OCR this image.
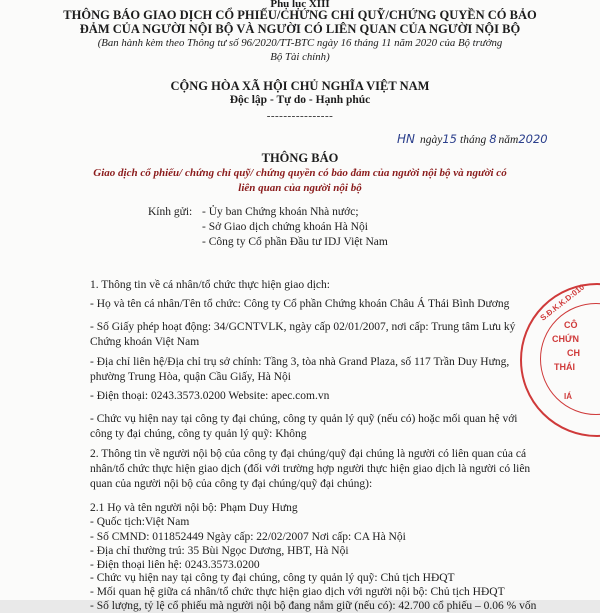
Phụ lục XIII
THÔNG BÁO GIAO DỊCH CỔ PHIẾU/CHỨNG CHỈ QUỸ/CHỨNG QUYỀN CÓ BẢO
ĐẢM CỦA NGƯỜI NỘI BỘ VÀ NGƯỜI CÓ LIÊN QUAN CỦA NGƯỜI NỘI BỘ
(Ban hành kèm theo Thông tư số 96/2020/TT-BTC ngày 16 tháng 11 năm 2020 của Bộ trưởng
Bộ Tài chính)
CỘNG HÒA XÃ HỘI CHỦ NGHĨA VIỆT NAM
Độc lập - Tự do - Hạnh phúc
----------------
HN ngày15 tháng 8 năm2020
THÔNG BÁO
Giao dịch cổ phiếu/ chứng chỉ quỹ/ chứng quyền có bảo đảm của người nội bộ và người có
liên quan của người nội bộ
Kính gửi: - Ủy ban Chứng khoán Nhà nước;
- Sở Giao dịch chứng khoán Hà Nội
- Công ty Cổ phần Đầu tư IDJ Việt Nam
1. Thông tin về cá nhân/tổ chức thực hiện giao dịch:
- Họ và tên cá nhân/Tên tổ chức: Công ty Cổ phần Chứng khoán Châu Á Thái Bình Dương
- Số Giấy phép hoạt động: 34/GCNTVLK, ngày cấp 02/01/2007, nơi cấp: Trung tâm Lưu ký
Chứng khoán Việt Nam
- Địa chỉ liên hệ/Địa chỉ trụ sở chính: Tầng 3, tòa nhà Grand Plaza, số 117 Trần Duy Hưng,
phường Trung Hòa, quận Cầu Giấy, Hà Nội
- Điện thoại: 0243.3573.0200 Website: apec.com.vn
- Chức vụ hiện nay tại công ty đại chúng, công ty quản lý quỹ (nếu có) hoặc mối quan hệ với
công ty đại chúng, công ty quản lý quỹ: Không
2. Thông tin về người nội bộ của công ty đại chúng/quỹ đại chúng là người có liên quan của cá
nhân/tổ chức thực hiện giao dịch (đối với trường hợp người thực hiện giao dịch là người có liên
quan của người nội bộ của công ty đại chúng/quỹ đại chúng):
2.1 Họ và tên người nội bộ: Phạm Duy Hưng
- Quốc tịch:Việt Nam
- Số CMND: 011852449 Ngày cấp: 22/02/2007 Nơi cấp: CA Hà Nội
- Địa chỉ thường trú: 35 Bùi Ngọc Dương, HBT, Hà Nội
- Điện thoại liên hệ: 0243.3573.0200
- Chức vụ hiện nay tại công ty đại chúng, công ty quản lý quỹ: Chủ tịch HĐQT
- Mối quan hệ giữa cá nhân/tổ chức thực hiện giao dịch với người nội bộ: Chủ tịch HĐQT
- Số lượng, tỷ lệ cổ phiếu mà người nội bộ đang nắm giữ (nếu có): 42.700 cổ phiếu – 0.06 % vốn
S.Đ.K.K.D:010
CÔ
CHỨN
CH
THÁI
IÁ
